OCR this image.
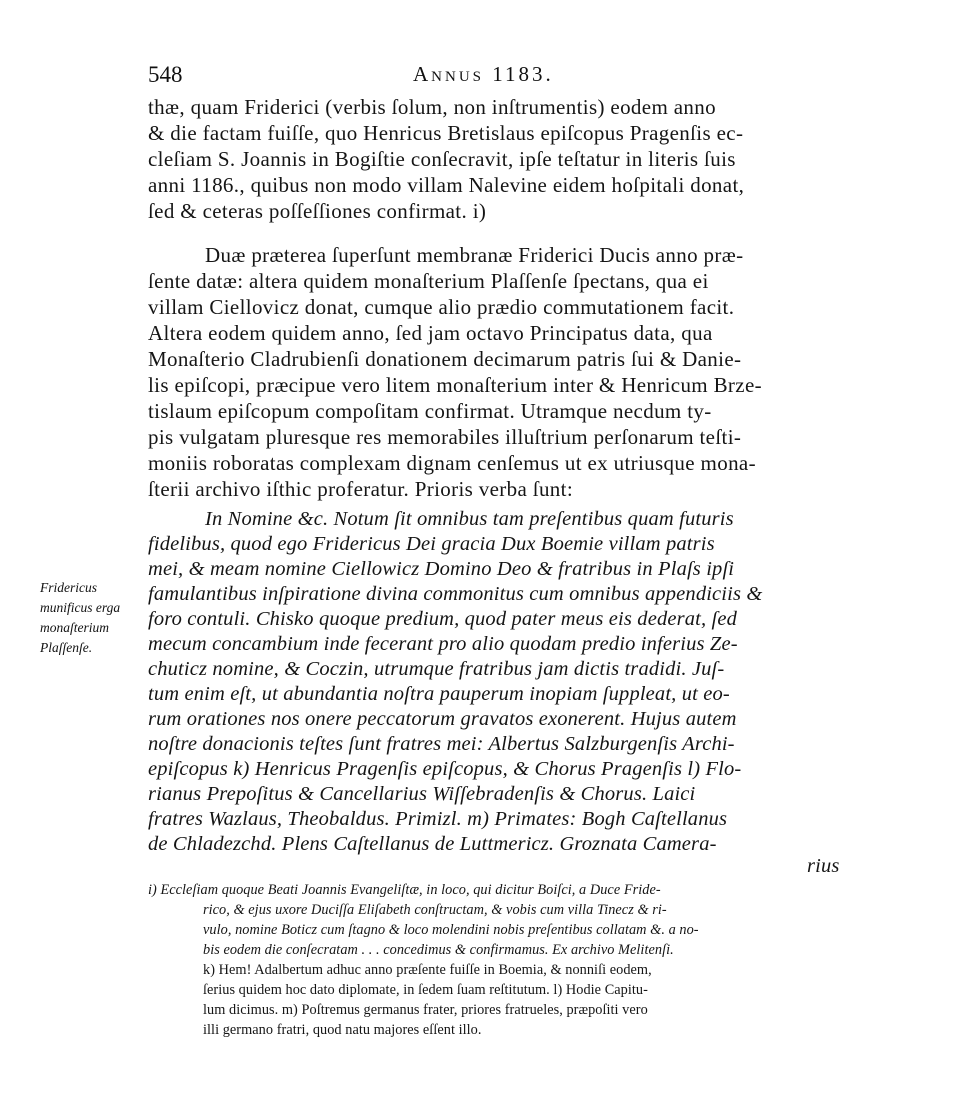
548	Annus 1183.
thæ, quam Friderici (verbis ſolum, non inſtrumentis) eodem anno
& die factam fuiſſe, quo Henricus Bretislaus epiſcopus Pragenſis ec-
cleſiam S. Joannis in Bogiſtie conſecravit, ipſe teſtatur in literis ſuis
anni 1186., quibus non modo villam Nalevine eidem hoſpitali donat,
ſed & ceteras poſſeſſiones confirmat. i)
Duæ præterea ſuperſunt membranæ Friderici Ducis anno præ-
ſente datæ: altera quidem monaſterium Plaſſenſe ſpectans, qua ei
villam Ciellovicz donat, cumque alio prædio commutationem facit.
Altera eodem quidem anno, ſed jam octavo Principatus data, qua
Monaſterio Cladrubienſi donationem decimarum patris ſui & Danie-
lis epiſcopi, præcipue vero litem monaſterium inter & Henricum Brze-
tislaum epiſcopum compoſitam confirmat. Utramque necdum ty-
pis vulgatam pluresque res memorabiles illuſtrium perſonarum teſti-
moniis roboratas complexam dignam cenſemus ut ex utriusque mona-
ſterii archivo iſthic proferatur. Prioris verba ſunt:
In Nomine &c. Notum ſit omnibus tam preſentibus quam futuris
fidelibus, quod ego Fridericus Dei gracia Dux Boemie villam patris
mei, & meam nomine Ciellowicz Domino Deo & fratribus in Plaſs ipſi
famulantibus inſpiratione divina commonitus cum omnibus appendiciis &
foro contuli. Chisko quoque predium, quod pater meus eis dederat, ſed
mecum concambium inde fecerant pro alio quodam predio inferius Ze-
chuticz nomine, & Coczin, utrumque fratribus jam dictis tradidi. Juſ-
tum enim eſt, ut abundantia noſtra pauperum inopiam ſuppleat, ut eo-
rum orationes nos onere peccatorum gravatos exonerent. Hujus autem
noſtre donacionis teſtes ſunt fratres mei: Albertus Salzburgenſis Archi-
epiſcopus k) Henricus Pragenſis epiſcopus, & Chorus Pragenſis l) Flo-
rianus Prepoſitus & Cancellarius Wiſſebradenſis & Chorus. Laici
fratres Wazlaus, Theobaldus. Primizl. m) Primates: Bogh Caſtellanus
de Chladezchd. Plens Caſtellanus de Luttmericz. Groznata Camera-
rius
Fridericus
munificus erga
monaſterium
Plaſſenſe.
i) Eccleſiam quoque Beati Joannis Evangeliſtæ, in loco, qui dicitur Boiſci, a Duce Fride-
rico, & ejus uxore Duciſſa Eliſabeth conſtructam, & vobis cum villa Tinecz & ri-
vulo, nomine Boticz cum ſtagno & loco molendini nobis preſentibus collatam &. a no-
bis eodem die conſecratam . . . concedimus & confirmamus. Ex archivo Melitenſi.
k) Hem! Adalbertum adhuc anno præſente fuiſſe in Boemia, & nonniſi eodem,
ſerius quidem hoc dato diplomate, in ſedem ſuam reſtitutum. l) Hodie Capitu-
lum dicimus. m) Poſtremus germanus frater, priores fratrueles, præpoſiti vero
illi germano fratri, quod natu majores eſſent illo.
